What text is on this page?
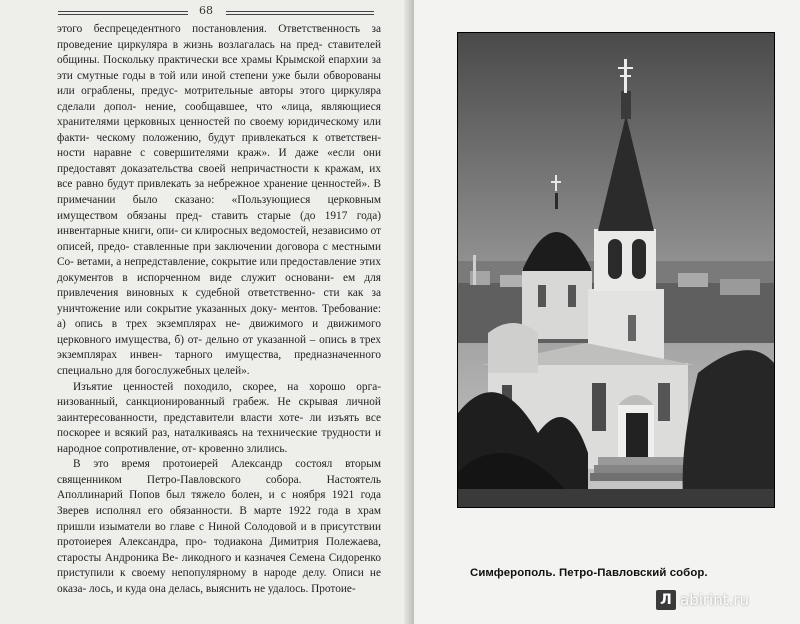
68

этого беспрецедентного постановления. Ответственность за проведение циркуляра в жизнь возлагалась на пред- ставителей общины. Поскольку практически все храмы Крымской епархии за эти смутные годы в той или иной степени уже были обворованы или ограблены, предус- мотрительные авторы этого циркуляра сделали допол- нение, сообщавшее, что «лица, являющиеся хранителями церковных ценностей по своему юридическому или факти- ческому положению, будут привлекаться к ответствен- ности наравне с совершителями краж». И даже «если они предоставят доказательства своей непричастности к кражам, их все равно будут привлекать за небрежное хранение ценностей». В примечании было сказано: «Пользующиеся церковным имуществом обязаны пред- ставить старые (до 1917 года) инвентарные книги, опи- си клиросных ведомостей, независимо от описей, предо- ставленные при заключении договора с местными Со- ветами, а непредставление, сокрытие или предоставление этих документов в испорченном виде служит основани- ем для привлечения виновных к судебной ответственно- сти как за уничтожение или сокрытие указанных доку- ментов. Требование: а) опись в трех экземплярах не- движимого и движимого церковного имущества, б) от- дельно от указанной – опись в трех экземплярах инвен- тарного имущества, предназначенного специально для богослужебных целей».

Изъятие ценностей походило, скорее, на хорошо орга- низованный, санкционированный грабеж. Не скрывая личной заинтересованности, представители власти хоте- ли изъять все поскорее и всякий раз, наталкиваясь на технические трудности и народное сопротивление, от- кровенно злились.

В это время протоиерей Александр состоял вторым священником Петро-Павловского собора. Настоятель Аполлинарий Попов был тяжело болен, и с ноября 1921 года Зверев исполнял его обязанности. В марте 1922 года в храм пришли изыматели во главе с Ниной Солодовой и в присутствии протоиерея Александра, про- тодиакона Димитрия Полежаева, старосты Андроника Ве- ликодного и казначея Семена Сидоренко приступили к своему непопулярному в народе делу. Описи не оказа- лось, и куда она делась, выяснить не удалось. Протоие-

Симферополь. Петро-Павловский собор.
Л abirint.ru
